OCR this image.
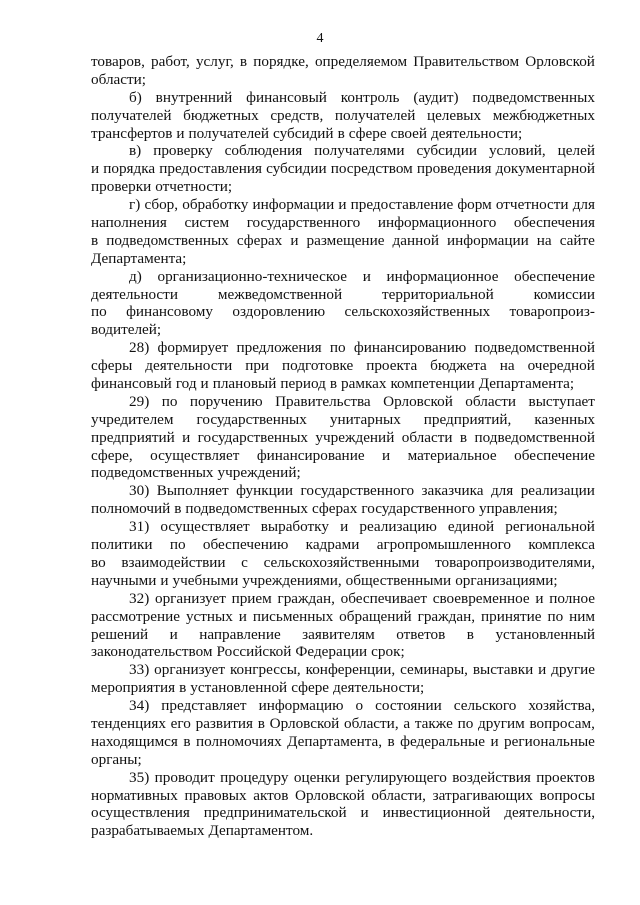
4
товаров, работ, услуг, в порядке, определяемом Правительством Орловской
области;
б) внутренний финансовый контроль (аудит) подведомственных
получателей бюджетных средств, получателей целевых межбюджетных
трансфертов и получателей субсидий в сфере своей деятельности;
в) проверку соблюдения получателями субсидии условий, целей
и порядка предоставления субсидии посредством проведения документарной
проверки отчетности;
г) сбор, обработку информации и предоставление форм отчетности для
наполнения систем государственного информационного обеспечения
в подведомственных сферах и размещение данной информации на сайте
Департамента;
д) организационно-техническое и информационное обеспечение
деятельности	межведомственной	территориальной	комиссии
по финансовому оздоровлению сельскохозяйственных товаропроиз-
водителей;
28) формирует предложения по финансированию подведомственной
сферы деятельности при подготовке проекта бюджета на очередной
финансовый год и плановый период в рамках компетенции Департамента;
29) по поручению Правительства Орловской области выступает
учредителем государственных унитарных предприятий, казенных
предприятий и государственных учреждений области в подведомственной
сфере, осуществляет финансирование и материальное обеспечение
подведомственных учреждений;
30) Выполняет функции государственного заказчика для реализации
полномочий в подведомственных сферах государственного управления;
31) осуществляет выработку и реализацию единой региональной
политики по обеспечению кадрами агропромышленного комплекса
во взаимодействии с сельскохозяйственными товаропроизводителями,
научными и учебными учреждениями, общественными организациями;
32) организует прием граждан, обеспечивает своевременное и полное
рассмотрение устных и письменных обращений граждан, принятие по ним
решений и направление заявителям ответов в установленный
законодательством Российской Федерации срок;
33) организует конгрессы, конференции, семинары, выставки и другие
мероприятия в установленной сфере деятельности;
34) представляет информацию о состоянии сельского хозяйства,
тенденциях его развития в Орловской области, а также по другим вопросам,
находящимся в полномочиях Департамента, в федеральные и региональные
органы;
35) проводит процедуру оценки регулирующего воздействия проектов
нормативных правовых актов Орловской области, затрагивающих вопросы
осуществления предпринимательской и инвестиционной деятельности,
разрабатываемых Департаментом.
